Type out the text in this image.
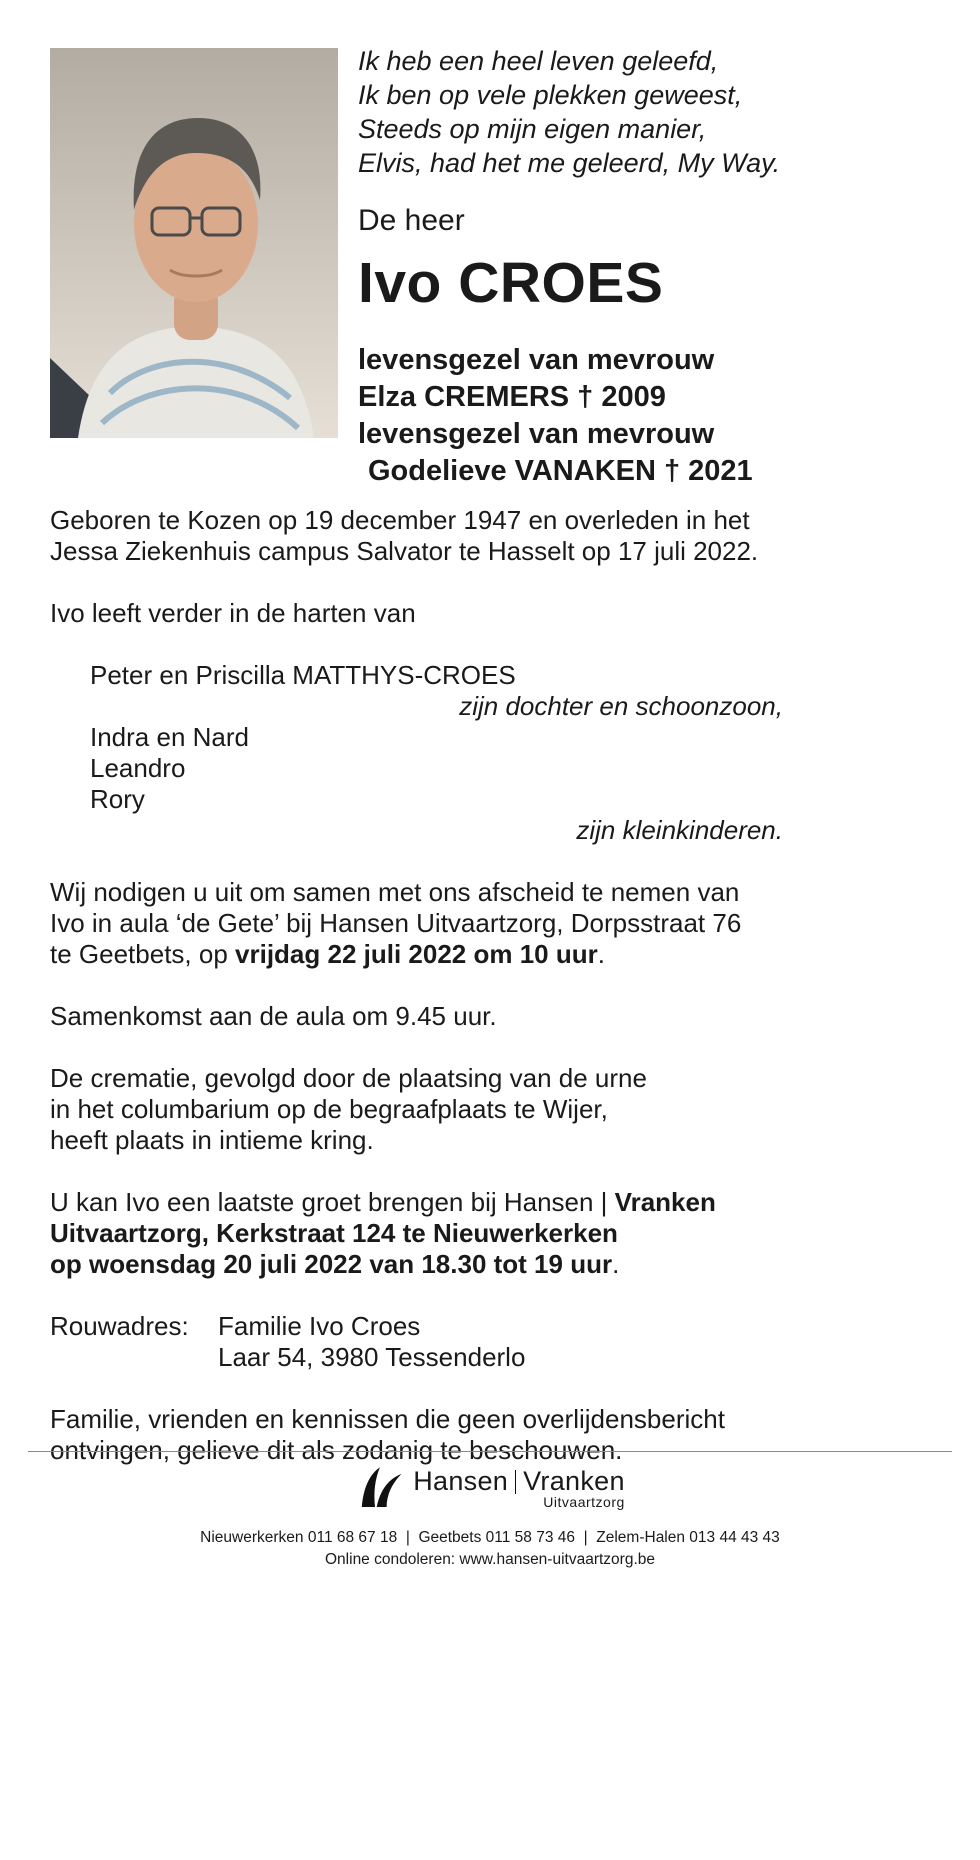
Ik heb een heel leven geleefd,
Ik ben op vele plekken geweest,
Steeds op mijn eigen manier,
Elvis, had het me geleerd, My Way.
De heer
Ivo CROES
levensgezel van mevrouw
Elza CREMERS † 2009
levensgezel van mevrouw
Godelieve VANAKEN † 2021

Geboren te Kozen op 19 december 1947 en overleden in het
Jessa Ziekenhuis campus Salvator te Hasselt op 17 juli 2022.

Ivo leeft verder in de harten van

Peter en Priscilla MATTHYS-CROES
zijn dochter en schoonzoon,
Indra en Nard
Leandro
Rory
zijn kleinkinderen.

Wij nodigen u uit om samen met ons afscheid te nemen van
Ivo in aula ‘de Gete’ bij Hansen Uitvaartzorg, Dorpsstraat 76
te Geetbets, op vrijdag 22 juli 2022 om 10 uur.

Samenkomst aan de aula om 9.45 uur.

De crematie, gevolgd door de plaatsing van de urne
in het columbarium op de begraafplaats te Wijer,
heeft plaats in intieme kring.

U kan Ivo een laatste groet brengen bij Hansen | Vranken
Uitvaartzorg, Kerkstraat 124 te Nieuwerkerken
op woensdag 20 juli 2022 van 18.30 tot 19 uur.

Rouwadres:	Familie Ivo Croes
Laar 54, 3980 Tessenderlo

Familie, vrienden en kennissen die geen overlijdensbericht
ontvingen, gelieve dit als zodanig te beschouwen.

Hansen Vranken
Uitvaartzorg
Nieuwerkerken 011 68 67 18  |  Geetbets 011 58 73 46  |  Zelem-Halen 013 44 43 43
Online condoleren: www.hansen-uitvaartzorg.be
